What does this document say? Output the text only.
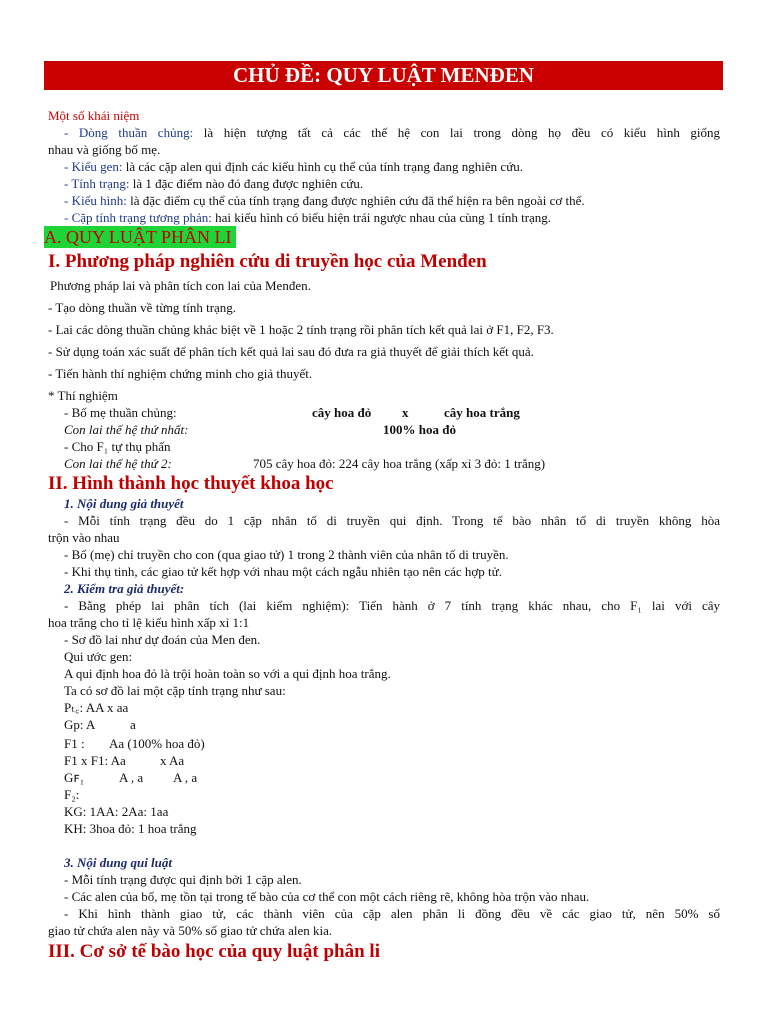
CHỦ ĐỀ: QUY LUẬT MENĐEN
Một số khái niệm
- Dòng thuần chủng: là hiện tượng tất cả các thế hệ con lai trong dòng họ đều có kiểu hình giống
nhau và giống bố mẹ.
- Kiểu gen: là các cặp alen qui định các kiểu hình cụ thể của tính trạng đang nghiên cứu.
- Tính trạng: là 1 đặc điểm nào đó đang được nghiên cứu.
- Kiểu hình: là đặc điểm cụ thể của tính trạng đang được nghiên cứu đã thể hiện ra bên ngoài cơ thể.
- Cặp tính trạng tương phản: hai kiểu hình có biểu hiện trái ngược nhau của cùng 1 tính trạng.
A. QUY LUẬT PHÂN LI
I. Phương pháp nghiên cứu di truyền học của Menđen
Phương pháp lai và phân tích con lai của Menđen.
- Tạo dòng thuần về từng tính trạng.
- Lai các dòng thuần chủng khác biệt về 1 hoặc 2 tính trạng rồi phân tích kết quả lai ở F1, F2, F3.
- Sử dụng toán xác suất để phân tích kết quả lai sau đó đưa ra giả thuyết để giải thích kết quả.
- Tiến hành thí nghiệm chứng minh cho giả thuyết.
* Thí nghiệm
- Bố mẹ thuần chủng:	cây hoa đỏ	x	cây hoa trắng
Con lai thế hệ thứ nhất:	100% hoa đỏ
- Cho F₁ tự thụ phấn
Con lai thế hệ thứ 2:	705 cây hoa đỏ: 224 cây hoa trắng (xấp xỉ 3 đỏ: 1 trắng)
II. Hình thành học thuyết khoa học
1. Nội dung giả thuyết
- Mỗi tính trạng đều do 1 cặp nhân tố di truyền qui định. Trong tế bào nhân tố di truyền không hòa
trộn vào nhau
- Bố (mẹ) chỉ truyền cho con (qua giao tử) 1 trong 2 thành viên của nhân tố di truyền.
- Khi thụ tinh, các giao tử kết hợp với nhau một cách ngẫu nhiên tạo nên các hợp tử.
2. Kiểm tra giả thuyết:
- Bằng phép lai phân tích (lai kiểm nghiệm): Tiến hành ở 7 tính trạng khác nhau, cho F₁ lai với cây
hoa trắng cho tỉ lệ kiểu hình xấp xỉ 1:1
- Sơ đồ lai như dự đoán của Men đen.
Qui ước gen:
A qui định hoa đỏ là trội hoàn toàn so với a qui định hoa trắng.
Ta có sơ đồ lai một cặp tính trạng như sau:
Pₜ꜀: AA x aa
Gp: A	a
F1 :	Aa (100% hoa đỏ)
F1 x F1: Aa	x Aa
Gꜰ₁	A , a	A , a
F₂:
KG: 1AA: 2Aa: 1aa
KH: 3hoa đỏ: 1 hoa trắng
3. Nội dung qui luật
- Mỗi tính trạng được qui định bởi 1 cặp alen.
- Các alen của bố, mẹ tồn tại trong tế bào của cơ thể con một cách riêng rẽ, không hòa trộn vào nhau.
- Khi hình thành giao tử, các thành viên của cặp alen phân li đồng đều về các giao tử, nên 50% số
giao tử chứa alen này và 50% số giao tử chứa alen kia.
III. Cơ sở tế bào học của quy luật phân li
